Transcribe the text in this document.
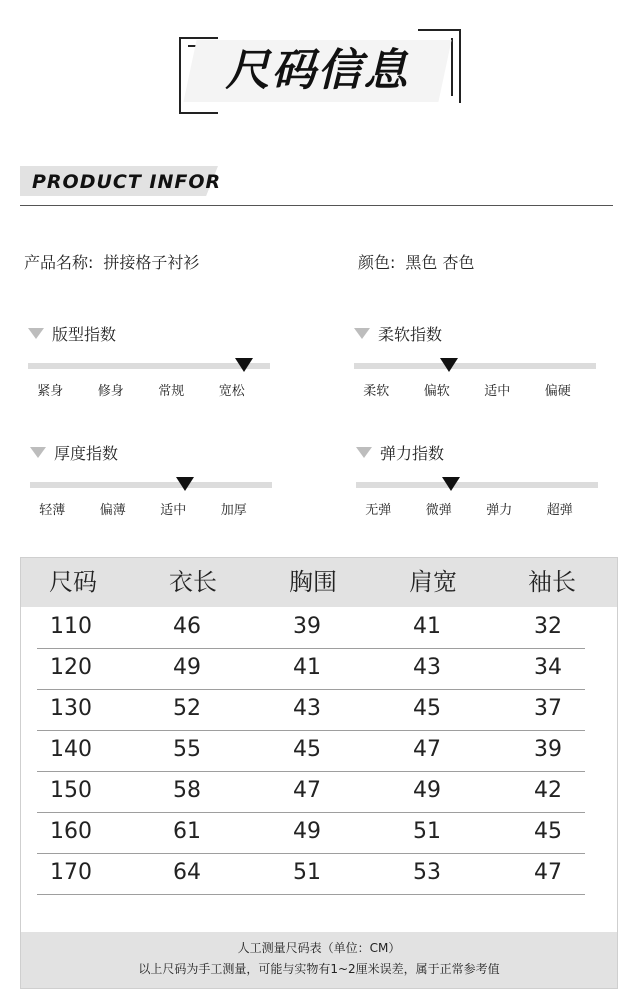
尺码信息
PRODUCT INFOR
产品名称: 拼接格子衬衫	颜色: 黑色 杏色
版型指数
紧身	修身	常规	宽松
柔软指数
柔软	偏软	适中	偏硬
厚度指数
轻薄	偏薄	适中	加厚
弹力指数
无弹	微弹	弹力	超弹
尺码	衣长	胸围	肩宽	袖长
110	46	39	41	32
120	49	41	43	34
130	52	43	45	37
140	55	45	47	39
150	58	47	49	42
160	61	49	51	45
170	64	51	53	47
人工测量尺码表（单位：CM）
以上尺码为手工测量，可能与实物有1~2厘米误差，属于正常参考值
